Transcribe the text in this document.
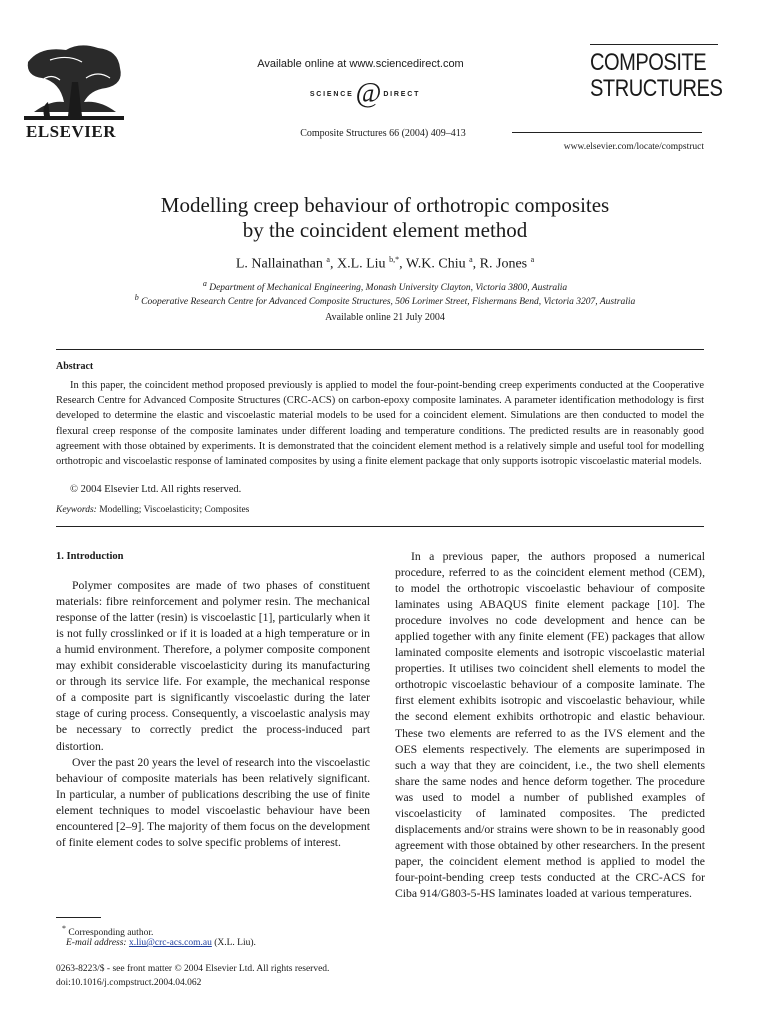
ELSEVIER
Available online at www.sciencedirect.com
SCIENCE @ DIRECT
Composite Structures 66 (2004) 409–413
COMPOSITE
STRUCTURES
www.elsevier.com/locate/compstruct
Modelling creep behaviour of orthotropic composites
by the coincident element method
L. Nallainathan $^a$, X.L. Liu $^{b,*}$, W.K. Chiu $^a$, R. Jones $^a$
$^a$ Department of Mechanical Engineering, Monash University Clayton, Victoria 3800, Australia
$^b$ Cooperative Research Centre for Advanced Composite Structures, 506 Lorimer Street, Fishermans Bend, Victoria 3207, Australia
Available online 21 July 2004
Abstract
In this paper, the coincident method proposed previously is applied to model the four-point-bending creep experiments conducted at the Cooperative Research Centre for Advanced Composite Structures (CRC-ACS) on carbon-epoxy composite laminates. A parameter identification methodology is first developed to determine the elastic and viscoelastic material models to be used for a coincident element. Simulations are then conducted to model the flexural creep response of the composite laminates under different loading and temperature conditions. The predicted results are in reasonably good agreement with those obtained by experiments. It is demonstrated that the coincident element method is a relatively simple and useful tool for modelling orthotropic and viscoelastic response of laminated composites by using a finite element package that only supports isotropic viscoelastic material models.
© 2004 Elsevier Ltd. All rights reserved.
Keywords: Modelling; Viscoelasticity; Composites
1. Introduction

Polymer composites are made of two phases of constituent materials: fibre reinforcement and polymer resin. The mechanical response of the latter (resin) is viscoelastic [1], particularly when it is not fully crosslinked or if it is loaded at a high temperature or in a humid environment. Therefore, a polymer composite component may exhibit considerable viscoelasticity during its manufacturing or through its service life. For example, the mechanical response of a composite part is significantly viscoelastic during the later stage of curing process. Consequently, a viscoelastic analysis may be necessary to correctly predict the process-induced part distortion.

Over the past 20 years the level of research into the viscoelastic behaviour of composite materials has been relatively significant. In particular, a number of publications describing the use of finite element techniques to model viscoelastic behaviour have been encountered [2–9]. The majority of them focus on the development of finite element codes to solve specific problems of interest.

In a previous paper, the authors proposed a numerical procedure, referred to as the coincident element method (CEM), to model the orthotropic viscoelastic behaviour of composite laminates using ABAQUS finite element package [10]. The procedure involves no code development and hence can be applied together with any finite element (FE) packages that allow laminated composite elements and isotropic viscoelastic material properties. It utilises two coincident shell elements to model the orthotropic viscoelastic behaviour of a composite laminate. The first element exhibits isotropic and viscoelastic behaviour, while the second element exhibits orthotropic and elastic behaviour. These two elements are referred to as the IVS element and the OES elements respectively. The elements are superimposed in such a way that they are coincident, i.e., the two shell elements share the same nodes and hence deform together. The procedure was used to model a number of published examples of viscoelasticity of laminated composites. The predicted displacements and/or strains were shown to be in reasonably good agreement with those obtained by other researchers. In the present paper, the coincident element method is applied to model the four-point-bending creep tests conducted at the CRC-ACS for Ciba 914/G803-5-HS laminates loaded at various temperatures.

* Corresponding author.
E-mail address: x.liu@crc-acs.com.au (X.L. Liu).
0263-8223/$ - see front matter © 2004 Elsevier Ltd. All rights reserved.
doi:10.1016/j.compstruct.2004.04.062
